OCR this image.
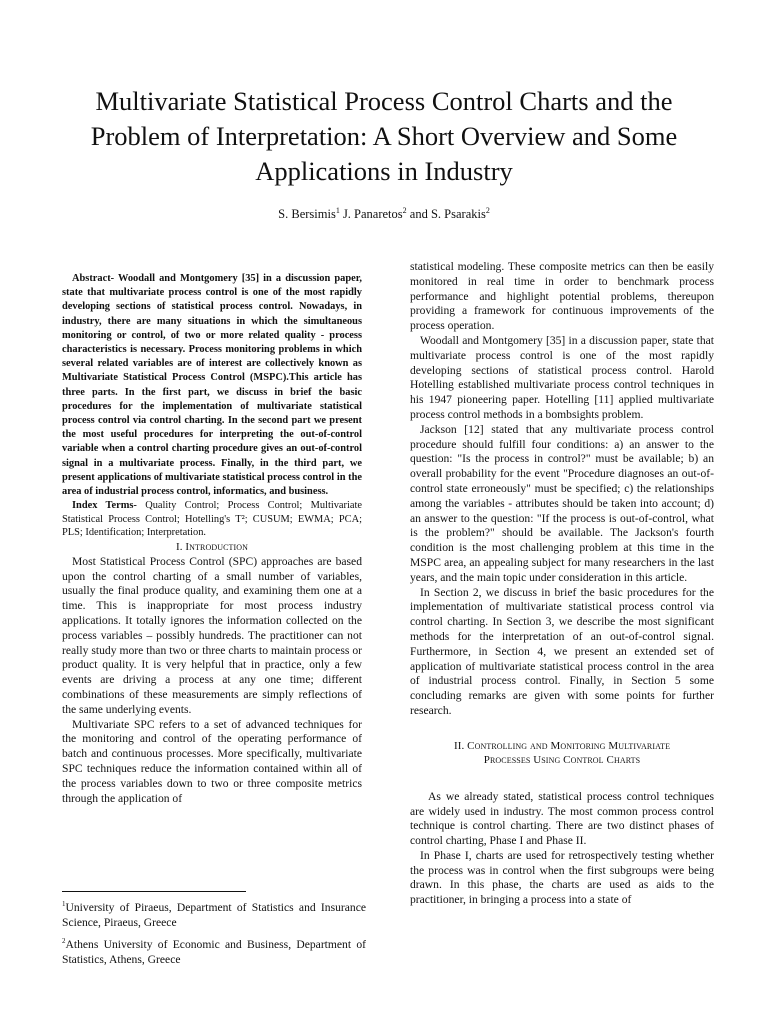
Multivariate Statistical Process Control Charts and the Problem of Interpretation: A Short Overview and Some Applications in Industry
S. Bersimis$^1$ J. Panaretos$^2$ and S. Psarakis$^2$

Abstract- Woodall and Montgomery [35] in a discussion paper, state that multivariate process control is one of the most rapidly developing sections of statistical process control. Nowadays, in industry, there are many situations in which the simultaneous monitoring or control, of two or more related quality - process characteristics is necessary. Process monitoring problems in which several related variables are of interest are collectively known as Multivariate Statistical Process Control (MSPC).This article has three parts. In the first part, we discuss in brief the basic procedures for the implementation of multivariate statistical process control via control charting. In the second part we present the most useful procedures for interpreting the out-of-control variable when a control charting procedure gives an out-of-control signal in a multivariate process. Finally, in the third part, we present applications of multivariate statistical process control in the area of industrial process control, informatics, and business.

Index Terms- Quality Control; Process Control; Multivariate Statistical Process Control; Hotelling's T²; CUSUM; EWMA; PCA; PLS; Identification; Interpretation.

I. Introduction

Most Statistical Process Control (SPC) approaches are based upon the control charting of a small number of variables, usually the final produce quality, and examining them one at a time. This is inappropriate for most process industry applications. It totally ignores the information collected on the process variables – possibly hundreds. The practitioner can not really study more than two or three charts to maintain process or product quality. It is very helpful that in practice, only a few events are driving a process at any one time; different combinations of these measurements are simply reflections of the same underlying events.

Multivariate SPC refers to a set of advanced techniques for the monitoring and control of the operating performance of batch and continuous processes. More specifically, multivariate SPC techniques reduce the information contained within all of the process variables down to two or three composite metrics through the application of

$^1$University of Piraeus, Department of Statistics and Insurance Science, Piraeus, Greece

$^2$Athens University of Economic and Business, Department of Statistics, Athens, Greece

statistical modeling. These composite metrics can then be easily monitored in real time in order to benchmark process performance and highlight potential problems, thereupon providing a framework for continuous improvements of the process operation.

Woodall and Montgomery [35] in a discussion paper, state that multivariate process control is one of the most rapidly developing sections of statistical process control. Harold Hotelling established multivariate process control techniques in his 1947 pioneering paper. Hotelling [11] applied multivariate process control methods in a bombsights problem.

Jackson [12] stated that any multivariate process control procedure should fulfill four conditions: a) an answer to the question: "Is the process in control?" must be available; b) an overall probability for the event "Procedure diagnoses an out-of-control state erroneously" must be specified; c) the relationships among the variables - attributes should be taken into account; d) an answer to the question: "If the process is out-of-control, what is the problem?" should be available. The Jackson's fourth condition is the most challenging problem at this time in the MSPC area, an appealing subject for many researchers in the last years, and the main topic under consideration in this article.

In Section 2, we discuss in brief the basic procedures for the implementation of multivariate statistical process control via control charting. In Section 3, we describe the most significant methods for the interpretation of an out-of-control signal. Furthermore, in Section 4, we present an extended set of application of multivariate statistical process control in the area of industrial process control. Finally, in Section 5 some concluding remarks are given with some points for further research.

II. Controlling and Monitoring Multivariate
Processes Using Control Charts

As we already stated, statistical process control techniques are widely used in industry. The most common process control technique is control charting. There are two distinct phases of control charting, Phase I and Phase II.

In Phase I, charts are used for retrospectively testing whether the process was in control when the first subgroups were being drawn. In this phase, the charts are used as aids to the practitioner, in bringing a process into a state of
